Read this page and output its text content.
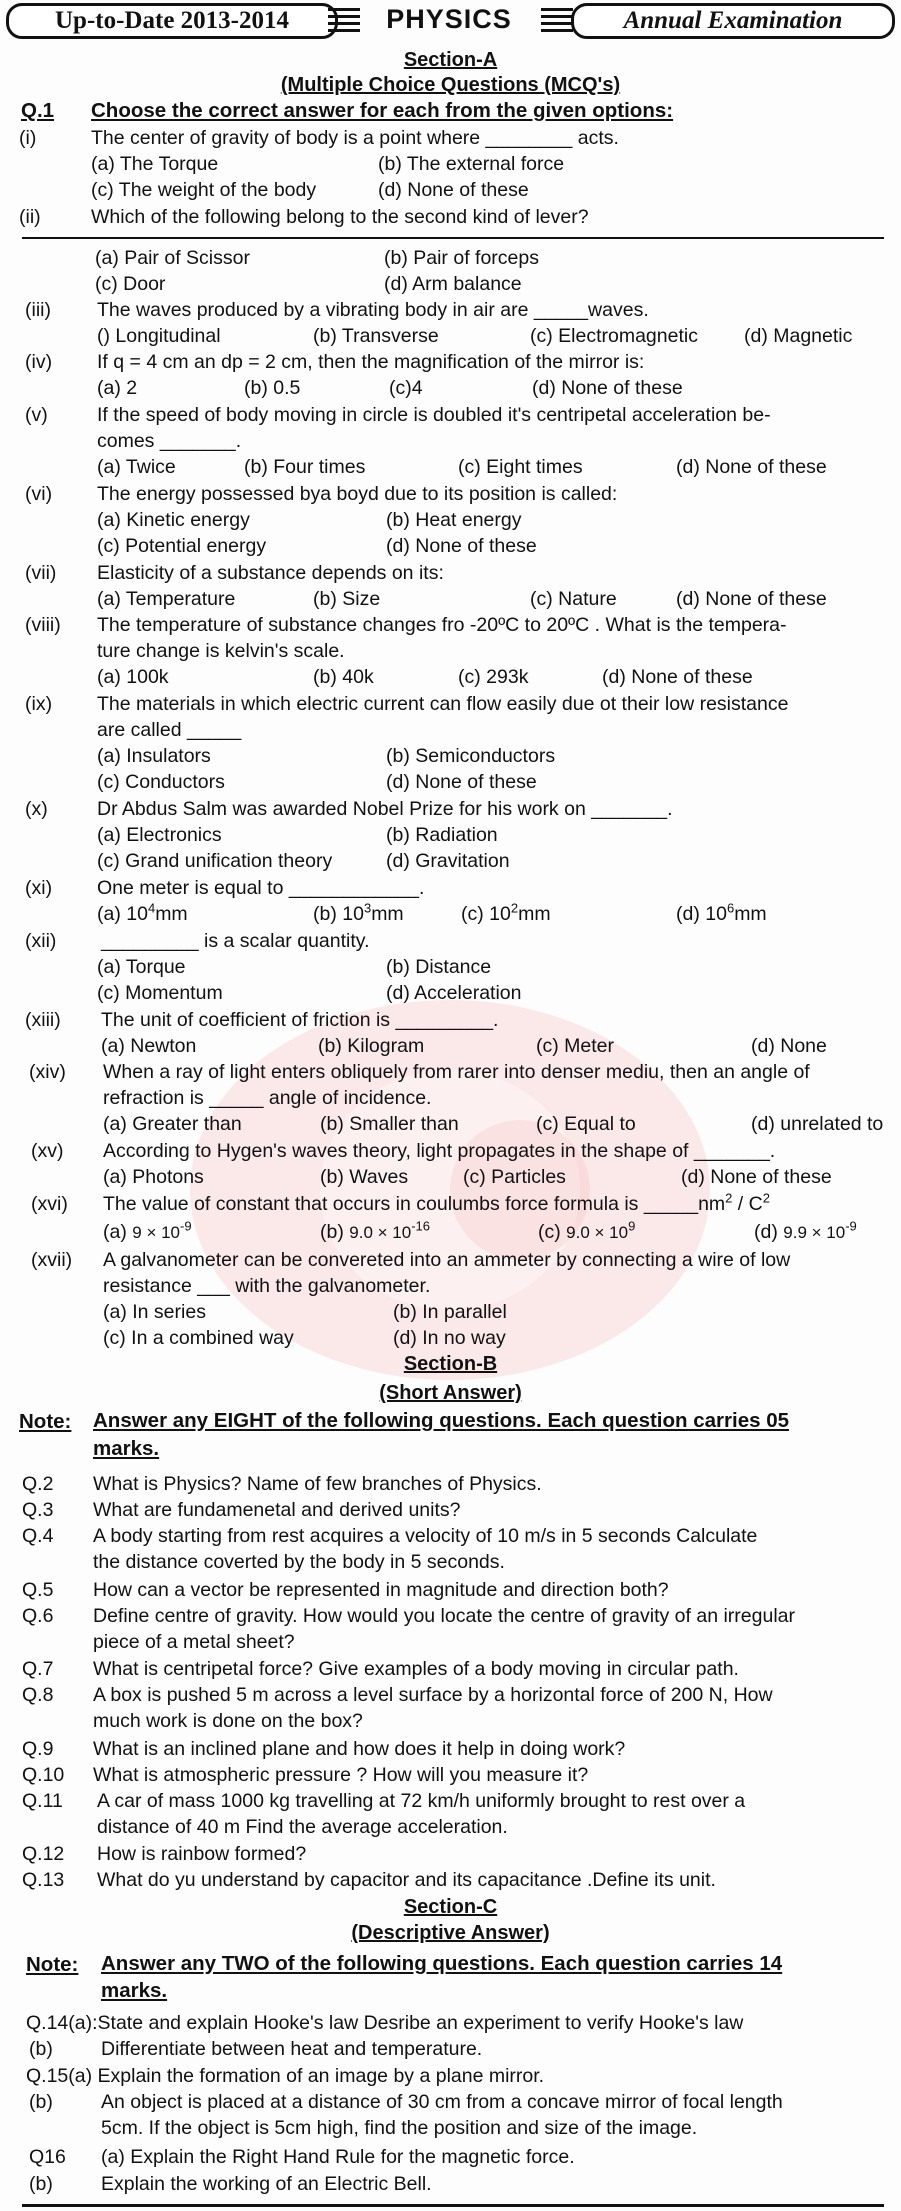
Up-to-Date 2013-2014	PHYSICS	Annual Examination
Section-A
(Multiple Choice Questions (MCQ's)
Q.1 Choose the correct answer for each from the given options:
(i)	The center of gravity of body is a point where ________ acts.
(a) The Torque	(b) The external force
(c) The weight of the body	(d) None of these
(ii)	Which of the following belong to the second kind of lever?
(a) Pair of Scissor	(b) Pair of forceps
(c) Door	(d) Arm balance
(iii) The waves produced by a vibrating body in air are _____waves.
() Longitudinal	(b) Transverse	(c) Electromagnetic (d) Magnetic
(iv) If q = 4 cm an dp = 2 cm, then the magnification of the mirror is:
(a) 2	(b) 0.5	(c)4	(d) None of these
(v)	If the speed of body moving in circle is doubled it's centripetal acceleration be-
comes _______.
(a) Twice	(b) Four times	(c) Eight times	(d) None of these
(vi) The energy possessed bya boyd due to its position is called:
(a) Kinetic energy	(b) Heat energy
(c) Potential energy	(d) None of these
(vii) Elasticity of a substance depends on its:
(a) Temperature	(b) Size	(c) Nature	(d) None of these
(viii) The temperature of substance changes fro -20ºC to 20ºC . What is the tempera-
ture change is kelvin's scale.
(a) 100k	(b) 40k	(c) 293k	(d) None of these
(ix) The materials in which electric current can flow easily due ot their low resistance
are called _____
(a) Insulators	(b) Semiconductors
(c) Conductors	(d) None of these
(x)	Dr Abdus Salm was awarded Nobel Prize for his work on _______.
(a) Electronics	(b) Radiation
(c) Grand unification theory	(d) Gravitation
(xi) One meter is equal to ____________.
(a) $10^4mm$	(b) $10^3mm$	(c) $10^2mm$	(d) $10^6mm$
(xii) _________ is a scalar quantity.
(a) Torque	(b) Distance
(c) Momentum	(d) Acceleration
(xiii) The unit of coefficient of friction is _________.
(a) Newton	(b) Kilogram	(c) Meter	(d) None
(xiv) When a ray of light enters obliquely from rarer into denser mediu, then an angle of
refraction is _____ angle of incidence.
(a) Greater than	(b) Smaller than	(c) Equal to	(d) unrelated to
(xv) According to Hygen's waves theory, light propagates in the shape of _______.
(a) Photons	(b) Waves	(c) Particles	(d) None of these
(xvi) The value of constant that occurs in coulumbs force formula is $\_\_\_\_\_nm^2 / C^2$
(a) $9 \times 10^{-9}$	(b) $9.0 \times 10^{-16}$	(c) $9.0 \times 10^9$	(d) $9.9 \times 10^{-9}$
(xvii) A galvanometer can be convereted into an ammeter by connecting a wire of low
resistance ___ with the galvanometer.
(a) In series	(b) In parallel
(c) In a combined way	(d) In no way
Section-B
(Short Answer)
Note: Answer any EIGHT of the following questions. Each question carries 05
marks.
Q.2 What is Physics? Name of few branches of Physics.
Q.3 What are fundamenetal and derived units?
Q.4 A body starting from rest acquires a velocity of 10 m/s in 5 seconds Calculate
the distance coverted by the body in 5 seconds.
Q.5 How can a vector be represented in magnitude and direction both?
Q.6 Define centre of gravity. How would you locate the centre of gravity of an irregular
piece of a metal sheet?
Q.7 What is centripetal force? Give examples of a body moving in circular path.
Q.8 A box is pushed 5 m across a level surface by a horizontal force of 200 N, How
much work is done on the box?
Q.9 What is an inclined plane and how does it help in doing work?
Q.10 What is atmospheric pressure ? How will you measure it?
Q.11 A car of mass 1000 kg travelling at 72 km/h uniformly brought to rest over a
distance of 40 m Find the average acceleration.
Q.12 How is rainbow formed?
Q.13 What do yu understand by capacitor and its capacitance .Define its unit.
Section-C
(Descriptive Answer)
Note: Answer any TWO of the following questions. Each question carries 14
marks.
Q.14(a):State and explain Hooke's law Desribe an experiment to verify Hooke's law
(b) Differentiate between heat and temperature.
Q.15(a) Explain the formation of an image by a plane mirror.
(b) An object is placed at a distance of 30 cm from a concave mirror of focal length
5cm. If the object is 5cm high, find the position and size of the image.
Q16 (a) Explain the Right Hand Rule for the magnetic force.
(b) Explain the working of an Electric Bell.
